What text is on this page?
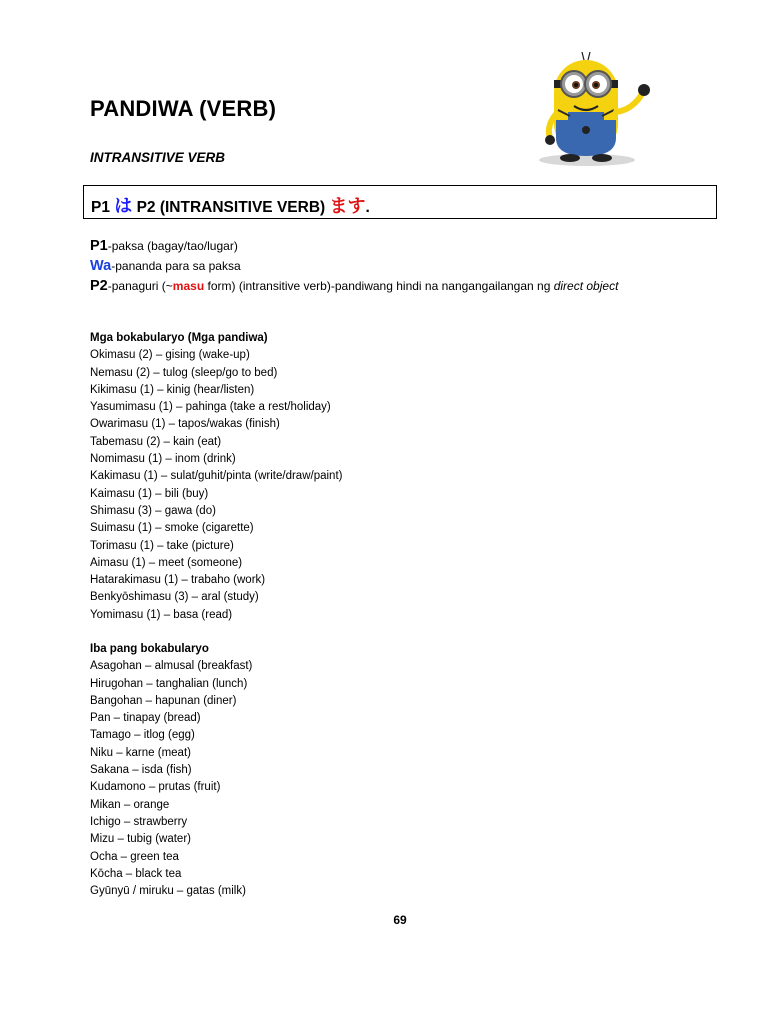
PANDIWA (VERB)
INTRANSITIVE VERB
P1 は P2 (INTRANSITIVE VERB) ます.
P1-paksa (bagay/tao/lugar)
Wa-pananda para sa paksa
P2-panaguri (~masu form) (intransitive verb)-pandiwang hindi na nangangailangan ng direct object
Mga bokabularyo (Mga pandiwa)
Okimasu (2) – gising (wake-up)
Nemasu (2) – tulog (sleep/go to bed)
Kikimasu (1) – kinig (hear/listen)
Yasumimasu (1) – pahinga (take a rest/holiday)
Owarimasu (1) – tapos/wakas (finish)
Tabemasu (2) – kain (eat)
Nomimasu (1) – inom (drink)
Kakimasu (1) – sulat/guhit/pinta (write/draw/paint)
Kaimasu (1) – bili (buy)
Shimasu (3) – gawa (do)
Suimasu (1) – smoke (cigarette)
Torimasu (1) – take (picture)
Aimasu (1) – meet (someone)
Hatarakimasu (1) – trabaho (work)
Benkyōshimasu (3) – aral (study)
Yomimasu (1) – basa (read)
Iba pang bokabularyo
Asagohan – almusal (breakfast)
Hirugohan – tanghalian (lunch)
Bangohan – hapunan (diner)
Pan – tinapay (bread)
Tamago – itlog (egg)
Niku – karne (meat)
Sakana – isda (fish)
Kudamono – prutas (fruit)
Mikan – orange
Ichigo – strawberry
Mizu – tubig (water)
Ocha – green tea
Kōcha – black tea
Gyūnyū / miruku – gatas (milk)
69
